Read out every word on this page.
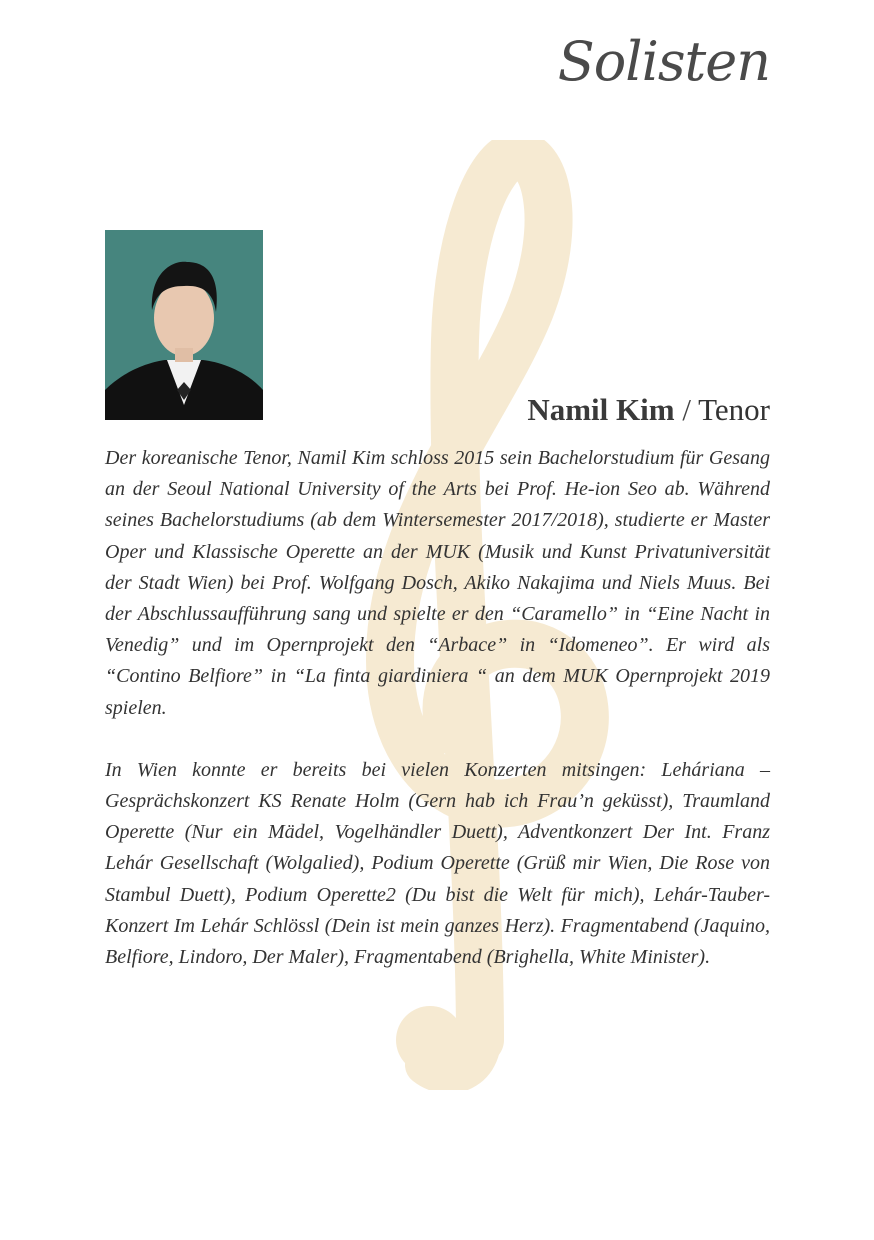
Solisten
Namil Kim / Tenor

Der koreanische Tenor, Namil Kim schloss 2015 sein Bachelorstudium für Gesang an der Seoul National University of the Arts bei Prof. He-ion Seo ab. Während seines Bachelorstudiums (ab dem Wintersemester 2017/2018), studierte er Master Oper und Klassische Operette an der MUK (Musik und Kunst Privatuniversität der Stadt Wien) bei Prof. Wolfgang Dosch, Akiko Nakajima und Niels Muus. Bei der Abschlussaufführung sang und spielte er den “Caramello” in “Eine Nacht in Venedig” und im Opernprojekt den “Arbace” in “Idomeneo”. Er wird als “Contino Belfiore” in “La finta giardiniera “ an dem MUK Opernprojekt 2019 spielen.

In Wien konnte er bereits bei vielen Konzerten mitsingen: Leháriana – Gesprächskonzert KS Renate Holm (Gern hab ich Frau’n geküsst), Traumland Operette (Nur ein Mädel, Vogelhändler Duett), Adventkonzert Der Int. Franz Lehár Gesellschaft (Wolgalied), Podium Operette (Grüß mir Wien, Die Rose von Stambul Duett), Podium Operette2 (Du bist die Welt für mich), Lehár-Tauber-Konzert Im Lehár Schlössl (Dein ist mein ganzes Herz). Fragmentabend (Jaquino, Belfiore, Lindoro, Der Maler), Fragmentabend (Brighella, White Minister).
